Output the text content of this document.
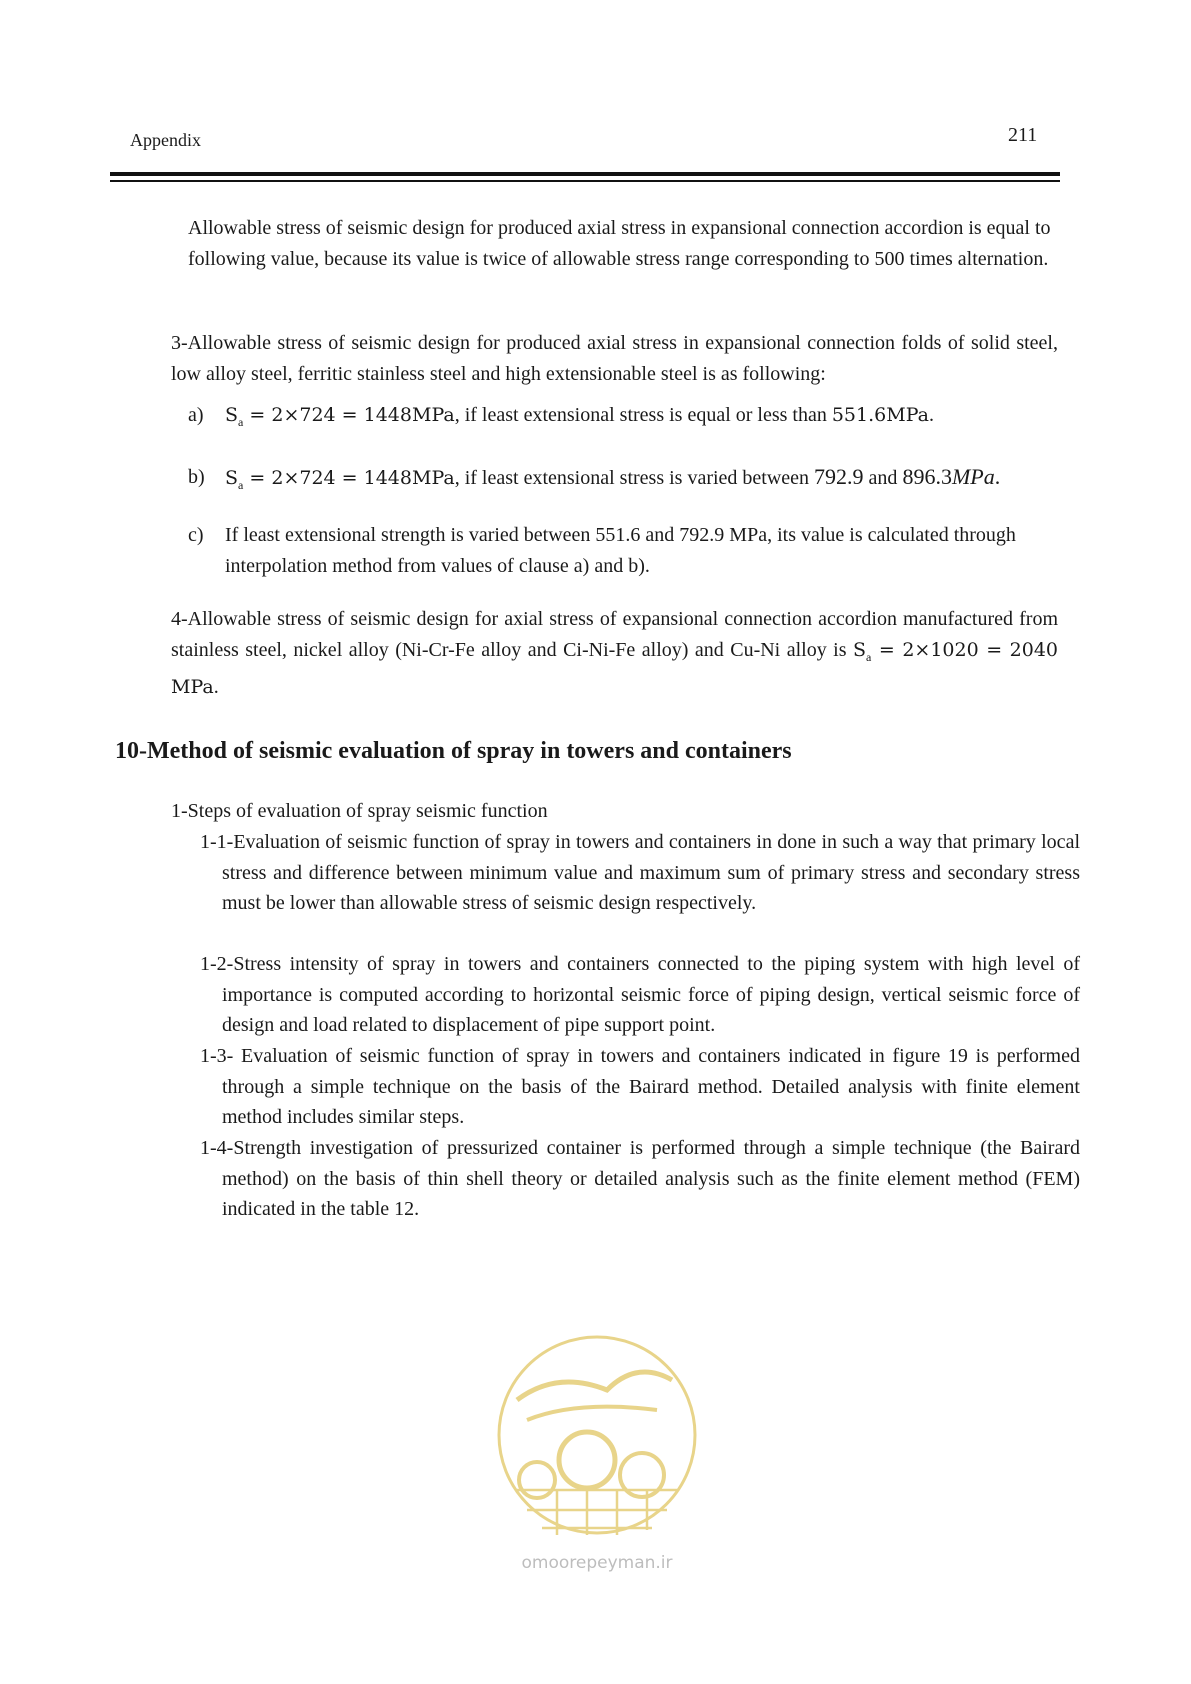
Appendix	211
Allowable stress of seismic design for produced axial stress in expansional connection accordion is equal to following value, because its value is twice of allowable stress range corresponding to 500 times alternation.
3-Allowable stress of seismic design for produced axial stress in expansional connection folds of solid steel, low alloy steel, ferritic stainless steel and high extensionable steel is as following:
a) $S_a = 2\times 724 = 1448MPa$, if least extensional stress is equal or less than 551.6MPa.
b) $S_a = 2\times 724 = 1448MPa$, if least extensional stress is varied between 792.9 and 896.3MPa.
c) If least extensional strength is varied between 551.6 and 792.9 MPa, its value is calculated through interpolation method from values of clause a) and b).
4-Allowable stress of seismic design for axial stress of expansional connection accordion manufactured from stainless steel, nickel alloy (Ni-Cr-Fe alloy and Ci-Ni-Fe alloy) and Cu-Ni alloy is $S_a = 2\times 1020 = 2040$ MPa.
10-Method of seismic evaluation of spray in towers and containers
1-Steps of evaluation of spray seismic function
1-1-Evaluation of seismic function of spray in towers and containers in done in such a way that primary local stress and difference between minimum value and maximum sum of primary stress and secondary stress must be lower than allowable stress of seismic design respectively.
1-2-Stress intensity of spray in towers and containers connected to the piping system with high level of importance is computed according to horizontal seismic force of piping design, vertical seismic force of design and load related to displacement of pipe support point.
1-3- Evaluation of seismic function of spray in towers and containers indicated in figure 19 is performed through a simple technique on the basis of the Bairard method. Detailed analysis with finite element method includes similar steps.
1-4-Strength investigation of pressurized container is performed through a simple technique (the Bairard method) on the basis of thin shell theory or detailed analysis such as the finite element method (FEM) indicated in the table 12.
omoorepeyman.ir
